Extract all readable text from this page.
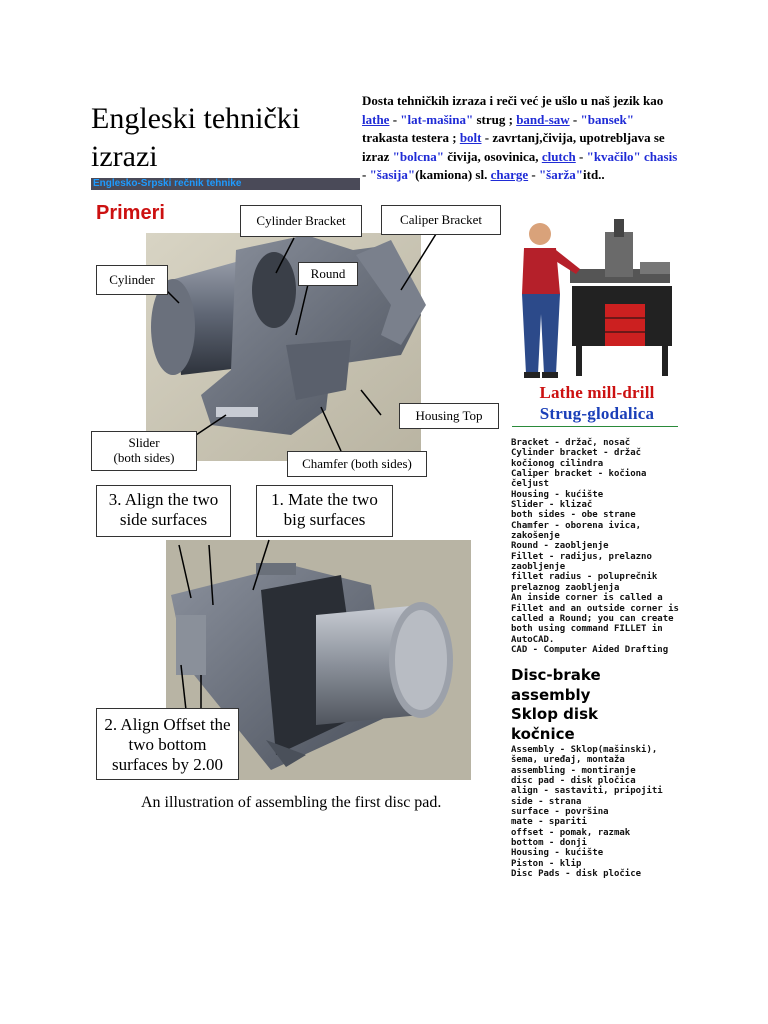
Engleski tehnički izrazi
Englesko-Srpski rečnik tehnike
Dosta tehničkih izraza i reči već je ušlo u naš jezik kao lathe - "lat-mašina" strug ; band-saw - "bansek" trakasta testera ; bolt - zavrtanj,čivija, upotrebljava se izraz "bolcna" čivija, osovinica, clutch - "kvačilo" chasis - "šasija"(kamiona) sl. charge - "šarža"itd..
Primeri
An illustration of assembling the first disc pad.
Cylinder Bracket	Caliper Bracket
Cylinder	Round
Housing Top
Slider
(both sides)	Chamfer (both sides)
3. Align the two side surfaces
1. Mate the two big surfaces
2. Align Offset the two bottom surfaces by 2.00
Lathe mill-drill
Strug-glodalica
Bracket - držač, nosač
Cylinder bracket - držač kočionog cilindra
Caliper bracket - kočiona čeljust
Housing - kućište
Slider - klizač
both sides - obe strane
Chamfer - oborena ivica, zakošenje
Round - zaobljenje
Fillet - radijus, prelazno zaobljenje
fillet radius - poluprečnik prelaznog zaobljenja
An inside corner is called a Fillet and an outside corner is called a Round; you can create both using command FILLET in AutoCAD.
CAD - Computer Aided Drafting
Disc-brake
assembly
Sklop disk
kočnice
Assembly - Sklop(mašinski), šema, uređaj, montaža
assembling - montiranje
disc pad - disk pločica
align - sastaviti, pripojiti
side - strana
surface - površina
mate - spariti
offset - pomak, razmak
bottom - donji
Housing - kućište
Piston - klip
Disc Pads - disk pločice
